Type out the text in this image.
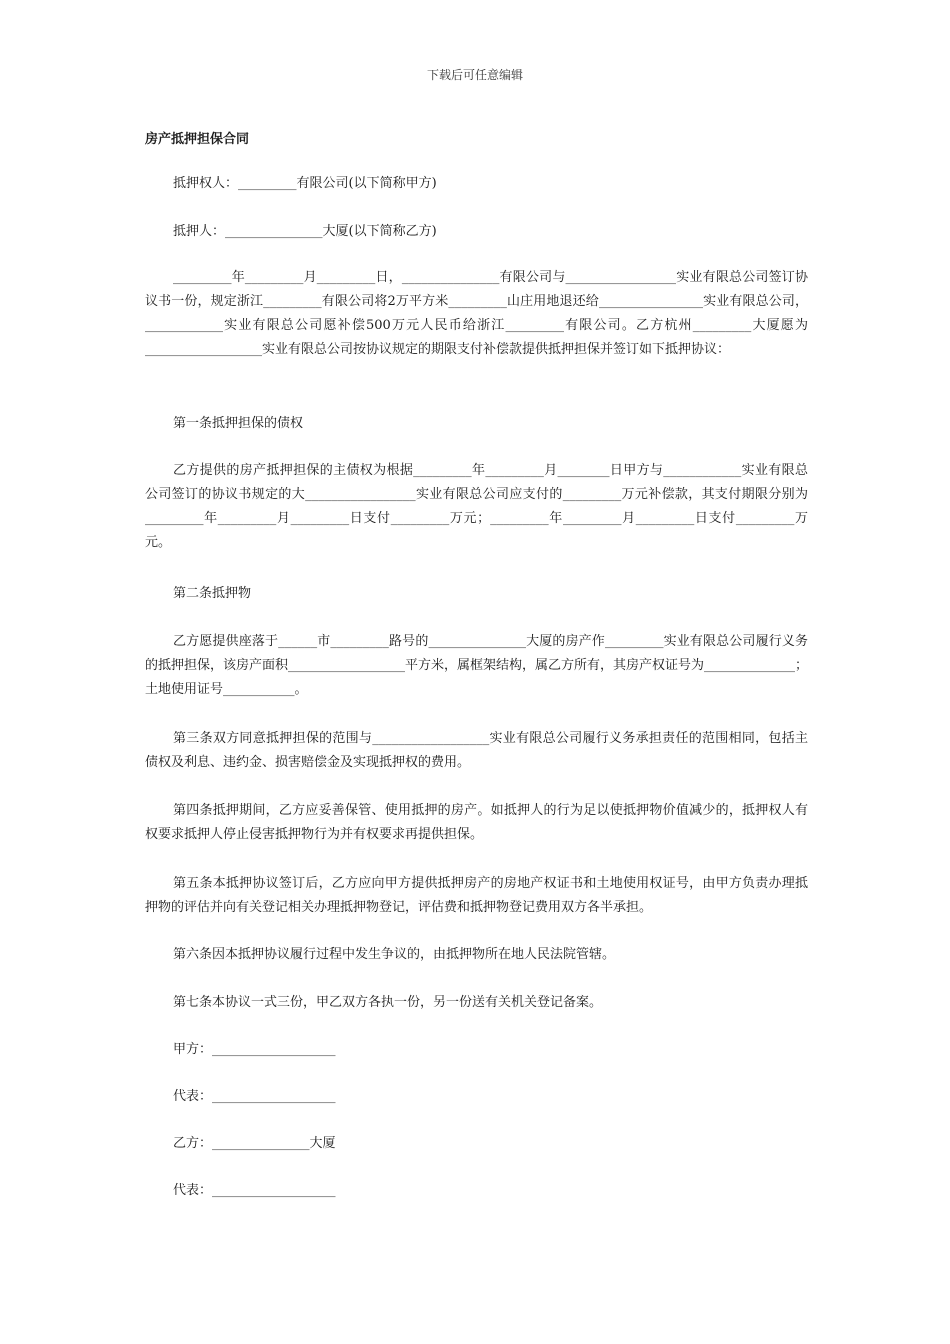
下载后可任意编辑
房产抵押担保合同

抵押权人：_________有限公司(以下简称甲方)

抵押人：_______________大厦(以下简称乙方)

_________年_________月_________日，_______________有限公司与_________________实业有限总公司签订协议书一份，规定浙江_________有限公司将2万平方米_________山庄用地退还给________________实业有限总公司，____________实业有限总公司愿补偿500万元人民币给浙江_________有限公司。乙方杭州_________大厦愿为__________________实业有限总公司按协议规定的期限支付补偿款提供抵押担保并签订如下抵押协议：

第一条抵押担保的债权

乙方提供的房产抵押担保的主债权为根据_________年_________月________日甲方与____________实业有限总公司签订的协议书规定的大_________________实业有限总公司应支付的_________万元补偿款，其支付期限分别为_________年_________月_________日支付_________万元；_________年_________月_________日支付_________万元。

第二条抵押物

乙方愿提供座落于______市_________路号的_______________大厦的房产作_________实业有限总公司履行义务的抵押担保，该房产面积__________________平方米，属框架结构，属乙方所有，其房产权证号为______________；土地使用证号___________。

第三条双方同意抵押担保的范围与__________________实业有限总公司履行义务承担责任的范围相同，包括主债权及利息、违约金、损害赔偿金及实现抵押权的费用。

第四条抵押期间，乙方应妥善保管、使用抵押的房产。如抵押人的行为足以使抵押物价值减少的，抵押权人有权要求抵押人停止侵害抵押物行为并有权要求再提供担保。

第五条本抵押协议签订后，乙方应向甲方提供抵押房产的房地产权证书和土地使用权证号，由甲方负责办理抵押物的评估并向有关登记相关办理抵押物登记，评估费和抵押物登记费用双方各半承担。

第六条因本抵押协议履行过程中发生争议的，由抵押物所在地人民法院管辖。

第七条本协议一式三份，甲乙双方各执一份，另一份送有关机关登记备案。

甲方：___________________

代表：___________________

乙方：_______________大厦

代表：___________________
